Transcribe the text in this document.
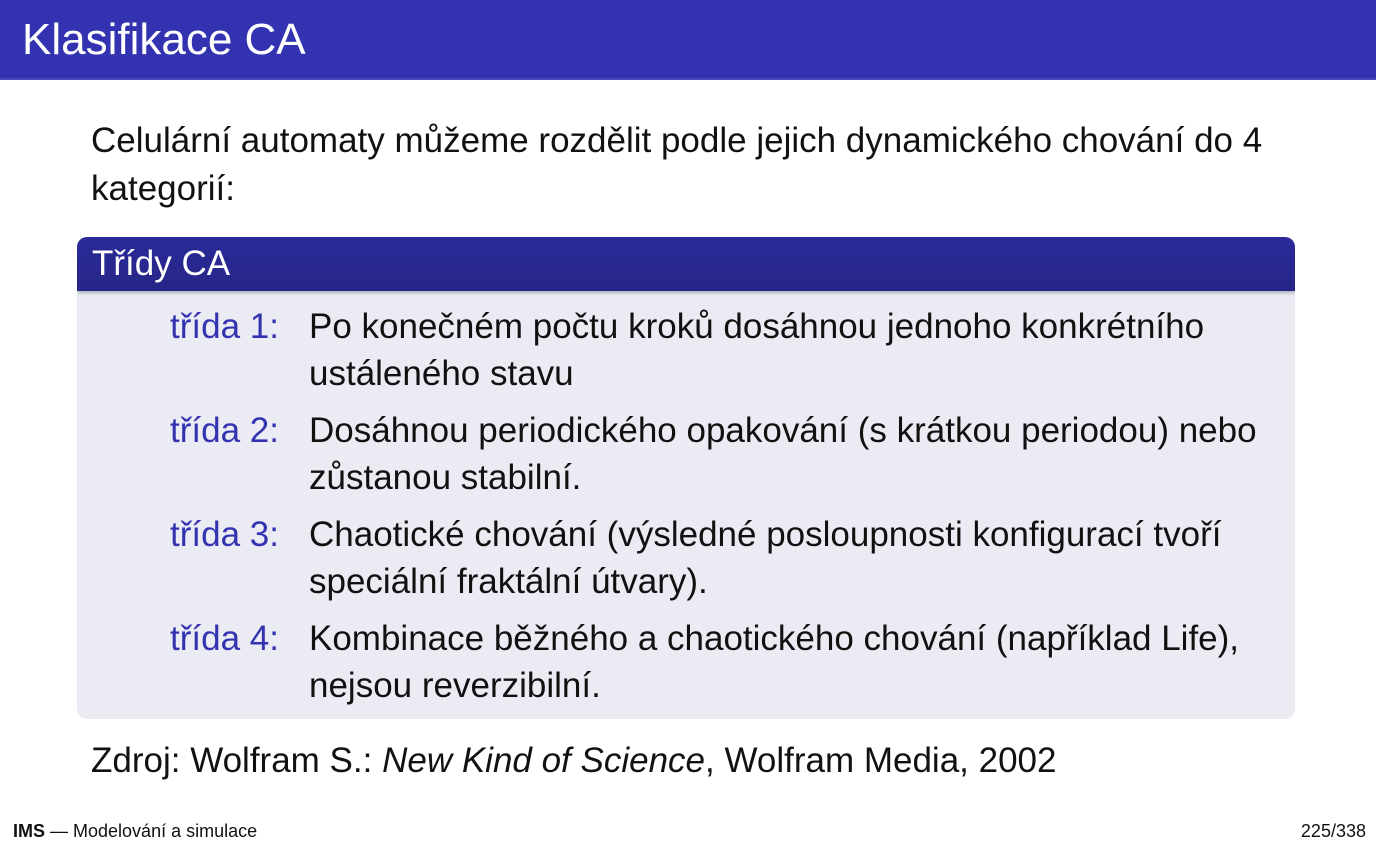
Klasifikace CA
Celulární automaty můžeme rozdělit podle jejich dynamického chování do 4 kategorií:
Třídy CA
třída 1: Po konečném počtu kroků dosáhnou jednoho konkrétního ustáleného stavu
třída 2: Dosáhnou periodického opakování (s krátkou periodou) nebo zůstanou stabilní.
třída 3: Chaotické chování (výsledné posloupnosti konfigurací tvoří speciální fraktální útvary).
třída 4: Kombinace běžného a chaotického chování (například Life), nejsou reverzibilní.
Zdroj: Wolfram S.: New Kind of Science, Wolfram Media, 2002
IMS — Modelování a simulace	225/338
